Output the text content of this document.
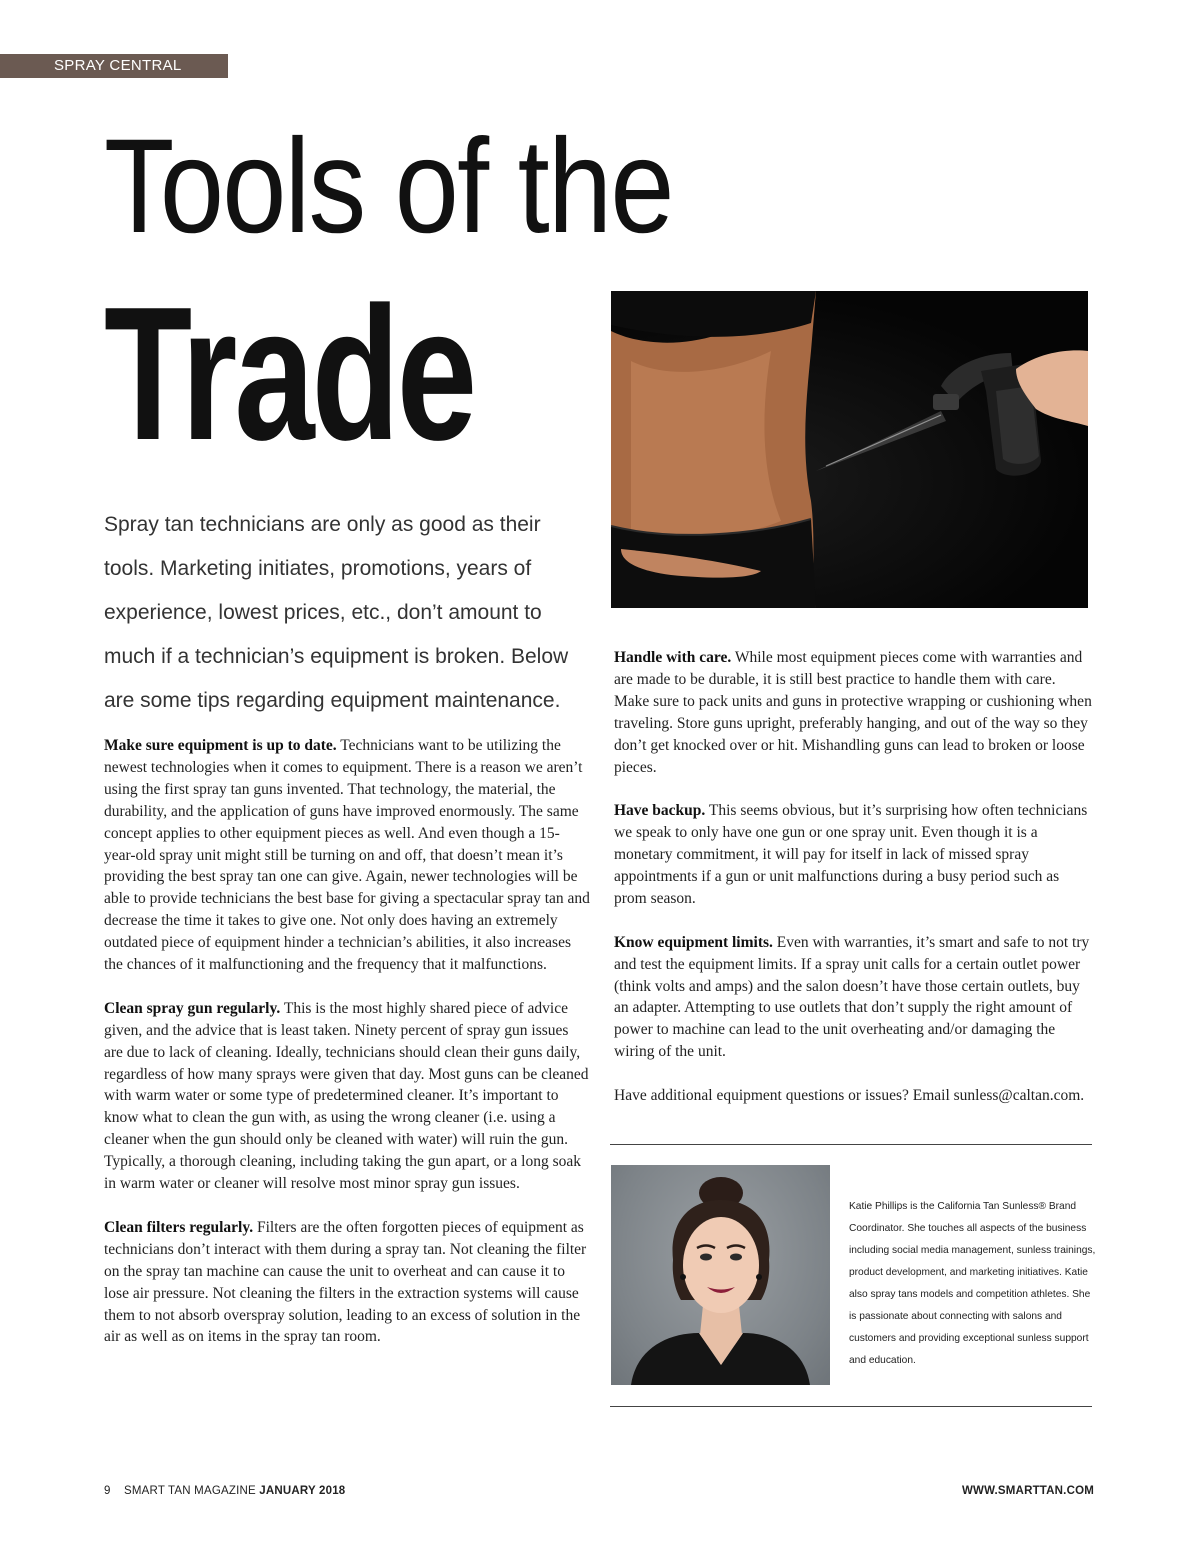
SPRAY CENTRAL
Tools of the
Trade

Spray tan technicians are only as good as their tools. Marketing initiates, promotions, years of experience, lowest prices, etc., don’t amount to much if a technician’s equipment is broken. Below are some tips regarding equipment maintenance.

Make sure equipment is up to date. Technicians want to be utilizing the newest technologies when it comes to equipment. There is a reason we aren’t using the first spray tan guns invented. That technology, the material, the durability, and the application of guns have improved enormously. The same concept applies to other equipment pieces as well. And even though a 15-year-old spray unit might still be turning on and off, that doesn’t mean it’s providing the best spray tan one can give. Again, newer technologies will be able to provide technicians the best base for giving a spectacular spray tan and decrease the time it takes to give one. Not only does having an extremely outdated piece of equipment hinder a technician’s abilities, it also increases the chances of it malfunctioning and the frequency that it malfunctions.

Clean spray gun regularly. This is the most highly shared piece of advice given, and the advice that is least taken. Ninety percent of spray gun issues are due to lack of cleaning. Ideally, technicians should clean their guns daily, regardless of how many sprays were given that day. Most guns can be cleaned with warm water or some type of predetermined cleaner. It’s important to know what to clean the gun with, as using the wrong cleaner (i.e. using a cleaner when the gun should only be cleaned with water) will ruin the gun. Typically, a thorough cleaning, including taking the gun apart, or a long soak in warm water or cleaner will resolve most minor spray gun issues.

Clean filters regularly. Filters are the often forgotten pieces of equipment as technicians don’t interact with them during a spray tan. Not cleaning the filter on the spray tan machine can cause the unit to overheat and can cause it to lose air pressure. Not cleaning the filters in the extraction systems will cause them to not absorb overspray solution, leading to an excess of solution in the air as well as on items in the spray tan room.

Handle with care. While most equipment pieces come with warranties and are made to be durable, it is still best practice to handle them with care. Make sure to pack units and guns in protective wrapping or cushioning when traveling. Store guns upright, preferably hanging, and out of the way so they don’t get knocked over or hit. Mishandling guns can lead to broken or loose pieces.

Have backup. This seems obvious, but it’s surprising how often technicians we speak to only have one gun or one spray unit. Even though it is a monetary commitment, it will pay for itself in lack of missed spray appointments if a gun or unit malfunctions during a busy period such as prom season.

Know equipment limits. Even with warranties, it’s smart and safe to not try and test the equipment limits. If a spray unit calls for a certain outlet power (think volts and amps) and the salon doesn’t have those certain outlets, buy an adapter. Attempting to use outlets that don’t supply the right amount of power to machine can lead to the unit overheating and/or damaging the wiring of the unit.

Have additional equipment questions or issues? Email sunless@caltan.com.

Katie Phillips is the California Tan Sunless® Brand Coordinator. She touches all aspects of the business including social media management, sunless trainings, product development, and marketing initiatives. Katie also spray tans models and competition athletes. She is passionate about connecting with salons and customers and providing exceptional sunless support and education.

9 SMART TAN MAGAZINE JANUARY 2018	WWW.SMARTTAN.COM
